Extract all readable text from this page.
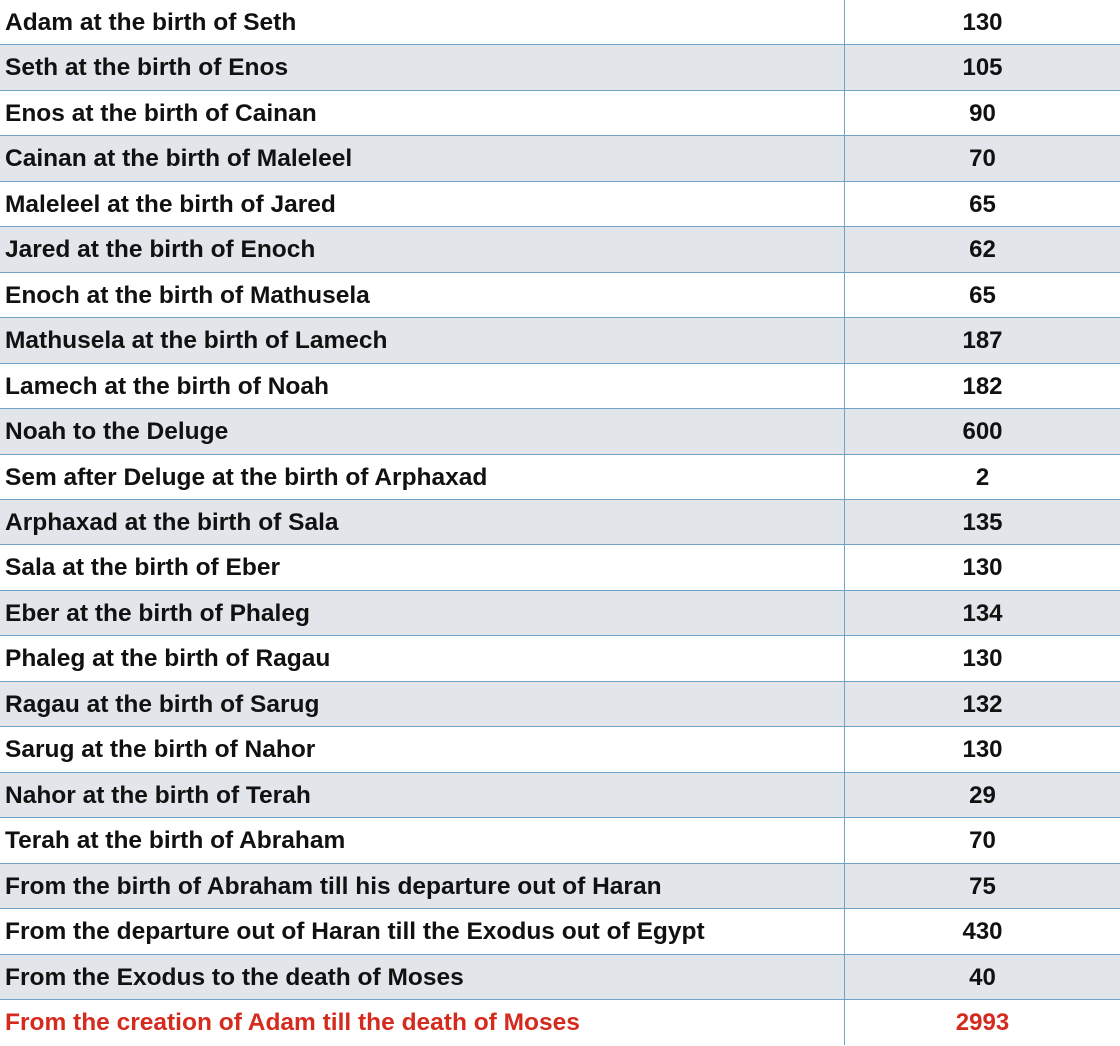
Adam at the birth of Seth	130
Seth at the birth of Enos	105
Enos at the birth of Cainan	90
Cainan at the birth of Maleleel	70
Maleleel at the birth of Jared	65
Jared at the birth of Enoch	62
Enoch at the birth of Mathusela	65
Mathusela at the birth of Lamech	187
Lamech at the birth of Noah	182
Noah to the Deluge	600
Sem after Deluge at the birth of Arphaxad	2
Arphaxad at the birth of Sala	135
Sala at the birth of Eber	130
Eber at the birth of Phaleg	134
Phaleg at the birth of Ragau	130
Ragau at the birth of Sarug	132
Sarug at the birth of Nahor	130
Nahor at the birth of Terah	29
Terah at the birth of Abraham	70
From the birth of Abraham till his departure out of Haran	75
From the departure out of Haran till the Exodus out of Egypt	430
From the Exodus to the death of Moses	40
From the creation of Adam till the death of Moses	2993
